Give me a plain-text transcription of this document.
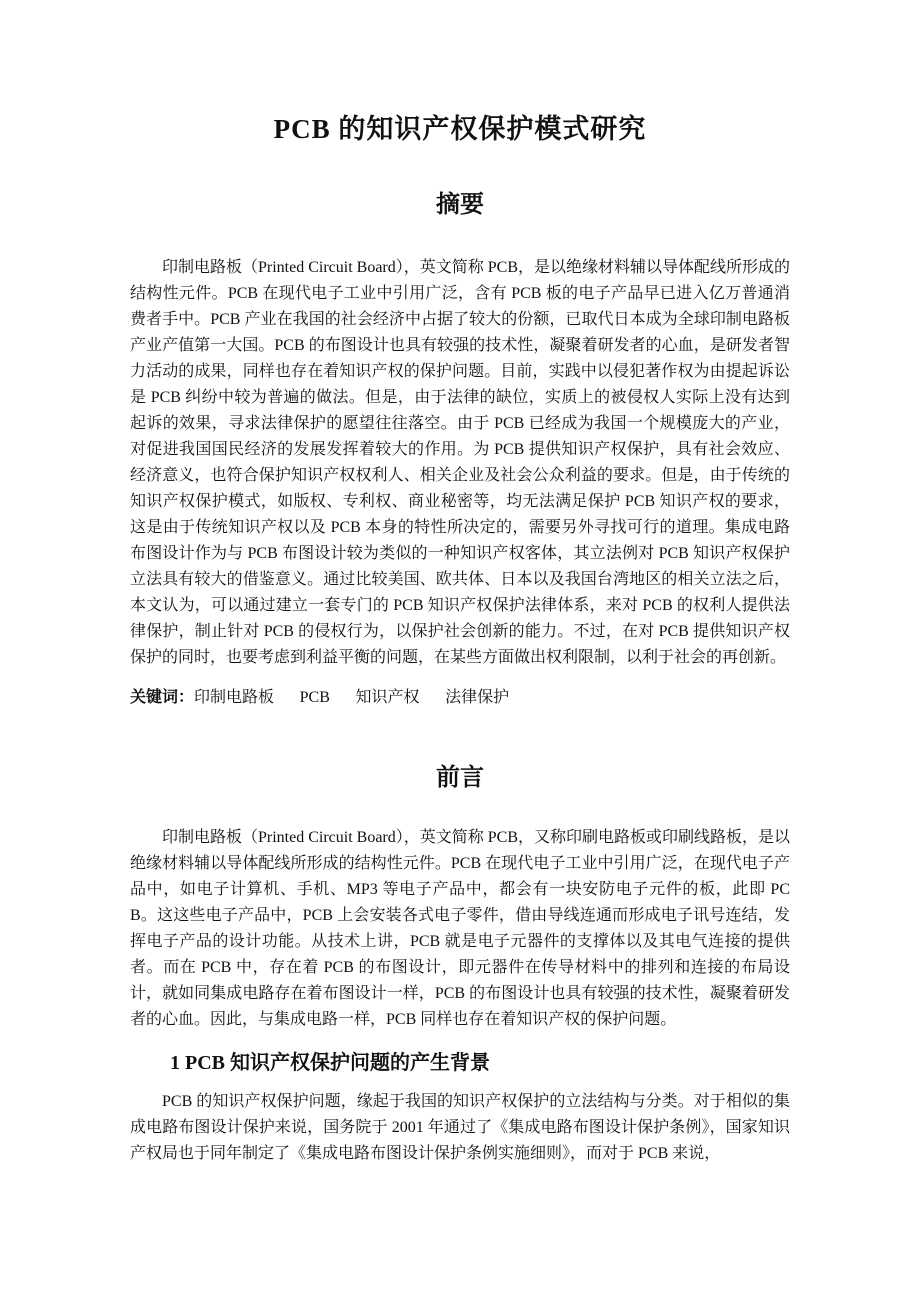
PCB 的知识产权保护模式研究
摘要

印制电路板（Printed Circuit Board），英文简称 PCB，是以绝缘材料辅以导体配线所形成的结构性元件。PCB 在现代电子工业中引用广泛，含有 PCB 板的电子产品早已进入亿万普通消费者手中。PCB 产业在我国的社会经济中占据了较大的份额，已取代日本成为全球印制电路板产业产值第一大国。PCB 的布图设计也具有较强的技术性，凝聚着研发者的心血，是研发者智力活动的成果，同样也存在着知识产权的保护问题。目前，实践中以侵犯著作权为由提起诉讼是 PCB 纠纷中较为普遍的做法。但是，由于法律的缺位，实质上的被侵权人实际上没有达到起诉的效果，寻求法律保护的愿望往往落空。由于 PCB 已经成为我国一个规模庞大的产业，对促进我国国民经济的发展发挥着较大的作用。为 PCB 提供知识产权保护，具有社会效应、经济意义，也符合保护知识产权权利人、相关企业及社会公众利益的要求。但是，由于传统的知识产权保护模式，如版权、专利权、商业秘密等，均无法满足保护 PCB 知识产权的要求，这是由于传统知识产权以及 PCB 本身的特性所决定的，需要另外寻找可行的道理。集成电路布图设计作为与 PCB 布图设计较为类似的一种知识产权客体，其立法例对 PCB 知识产权保护立法具有较大的借鉴意义。通过比较美国、欧共体、日本以及我国台湾地区的相关立法之后，本文认为，可以通过建立一套专门的 PCB 知识产权保护法律体系，来对 PCB 的权利人提供法律保护，制止针对 PCB 的侵权行为，以保护社会创新的能力。不过，在对 PCB 提供知识产权保护的同时，也要考虑到利益平衡的问题，在某些方面做出权利限制，以利于社会的再创新。

关键词：印制电路板 PCB 知识产权 法律保护

前言

印制电路板（Printed Circuit Board），英文简称 PCB，又称印刷电路板或印刷线路板，是以绝缘材料辅以导体配线所形成的结构性元件。PCB 在现代电子工业中引用广泛，在现代电子产品中，如电子计算机、手机、MP3 等电子产品中，都会有一块安防电子元件的板，此即 PCB。这这些电子产品中，PCB 上会安装各式电子零件，借由导线连通而形成电子讯号连结，发挥电子产品的设计功能。从技术上讲，PCB 就是电子元器件的支撑体以及其电气连接的提供者。而在 PCB 中，存在着 PCB 的布图设计，即元器件在传导材料中的排列和连接的布局设计，就如同集成电路存在着布图设计一样，PCB 的布图设计也具有较强的技术性，凝聚着研发者的心血。因此，与集成电路一样，PCB 同样也存在着知识产权的保护问题。

1 PCB 知识产权保护问题的产生背景

PCB 的知识产权保护问题，缘起于我国的知识产权保护的立法结构与分类。对于相似的集成电路布图设计保护来说，国务院于 2001 年通过了《集成电路布图设计保护条例》，国家知识产权局也于同年制定了《集成电路布图设计保护条例实施细则》，而对于 PCB 来说，
